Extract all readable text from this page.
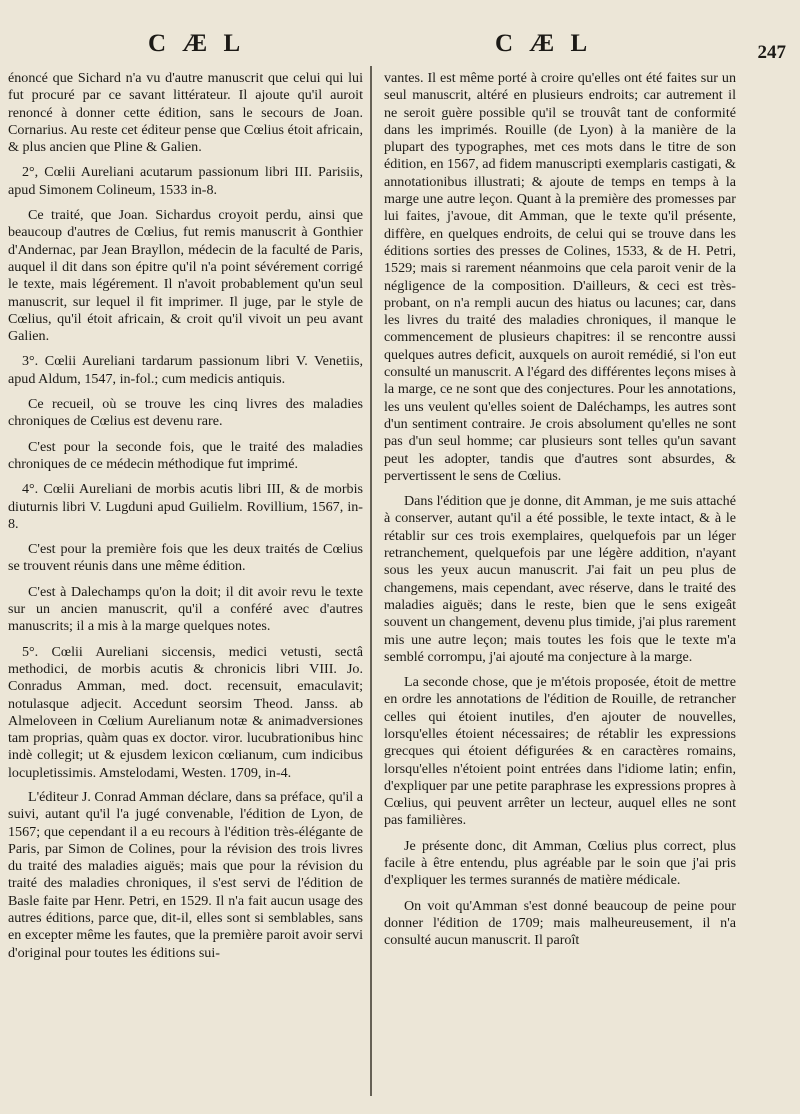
C Æ L	C Æ L	247

énoncé que Sichard n'a vu d'autre manuscrit que celui qui lui fut procuré par ce savant littérateur. Il ajoute qu'il auroit renoncé à donner cette édition, sans le secours de Joan. Cornarius. Au reste cet éditeur pense que Cœlius étoit africain, & plus ancien que Pline & Galien.

2°, Cœlii Aureliani acutarum passionum libri III. Parisiis, apud Simonem Colineum, 1533 in-8.

Ce traité, que Joan. Sichardus croyoit perdu, ainsi que beaucoup d'autres de Cœlius, fut remis manuscrit à Gonthier d'Andernac, par Jean Brayllon, médecin de la faculté de Paris, auquel il dit dans son épitre qu'il n'a point sévérement corrigé le texte, mais légérement. Il n'avoit probablement qu'un seul manuscrit, sur lequel il fit imprimer. Il juge, par le style de Cœlius, qu'il étoit africain, & croit qu'il vivoit un peu avant Galien.

3°. Cœlii Aureliani tardarum passionum libri V. Venetiis, apud Aldum, 1547, in-fol.; cum medicis antiquis.

Ce recueil, où se trouve les cinq livres des maladies chroniques de Cœlius est devenu rare.

C'est pour la seconde fois, que le traité des maladies chroniques de ce médecin méthodique fut imprimé.

4°. Cœlii Aureliani de morbis acutis libri III, & de morbis diuturnis libri V. Lugduni apud Guilielm. Rovillium, 1567, in-8.

C'est pour la première fois que les deux traités de Cœlius se trouvent réunis dans une même édition.

C'est à Dalechamps qu'on la doit; il dit avoir revu le texte sur un ancien manuscrit, qu'il a conféré avec d'autres manuscrits; il a mis à la marge quelques notes.

5°. Cœlii Aureliani siccensis, medici vetusti, sectâ methodici, de morbis acutis & chronicis libri VIII. Jo. Conradus Amman, med. doct. recensuit, emaculavit; notulasque adjecit. Accedunt seorsim Theod. Janss. ab Almeloveen in Cœlium Aurelianum notæ & animadversiones tam proprias, quàm quas ex doctor. viror. lucubrationibus hinc indè collegit; ut & ejusdem lexicon cœlianum, cum indicibus locupletissimis. Amstelodami, Westen. 1709, in-4.

L'éditeur J. Conrad Amman déclare, dans sa préface, qu'il a suivi, autant qu'il l'a jugé convenable, l'édition de Lyon, de 1567; que cependant il a eu recours à l'édition très-élégante de Paris, par Simon de Colines, pour la révision des trois livres du traité des maladies aiguës; mais que pour la révision du traité des maladies chroniques, il s'est servi de l'édition de Basle faite par Henr. Petri, en 1529. Il n'a fait aucun usage des autres éditions, parce que, dit-il, elles sont si semblables, sans en excepter même les fautes, que la première paroit avoir servi d'original pour toutes les éditions sui-

vantes. Il est même porté à croire qu'elles ont été faites sur un seul manuscrit, altéré en plusieurs endroits; car autrement il ne seroit guère possible qu'il se trouvât tant de conformité dans les imprimés. Rouille (de Lyon) à la manière de la plupart des typographes, met ces mots dans le titre de son édition, en 1567, ad fidem manuscripti exemplaris castigati, & annotationibus illustrati; & ajoute de temps en temps à la marge une autre leçon. Quant à la première des promesses par lui faites, j'avoue, dit Amman, que le texte qu'il présente, diffère, en quelques endroits, de celui qui se trouve dans les éditions sorties des presses de Colines, 1533, & de H. Petri, 1529; mais si rarement néanmoins que cela paroit venir de la négligence de la composition. D'ailleurs, & ceci est très-probant, on n'a rempli aucun des hiatus ou lacunes; car, dans les livres du traité des maladies chroniques, il manque le commencement de plusieurs chapitres: il se rencontre aussi quelques autres deficit, auxquels on auroit remédié, si l'on eut consulté un manuscrit. A l'égard des différentes leçons mises à la marge, ce ne sont que des conjectures. Pour les annotations, les uns veulent qu'elles soient de Daléchamps, les autres sont d'un sentiment contraire. Je crois absolument qu'elles ne sont pas d'un seul homme; car plusieurs sont telles qu'un savant peut les adopter, tandis que d'autres sont absurdes, & pervertissent le sens de Cœlius.

Dans l'édition que je donne, dit Amman, je me suis attaché à conserver, autant qu'il a été possible, le texte intact, & à le rétablir sur ces trois exemplaires, quelquefois par un léger retranchement, quelquefois par une légère addition, n'ayant sous les yeux aucun manuscrit. J'ai fait un peu plus de changemens, mais cependant, avec réserve, dans le traité des maladies aiguës; dans le reste, bien que le sens exigeât souvent un changement, devenu plus timide, j'ai plus rarement mis une autre leçon; mais toutes les fois que le texte m'a semblé corrompu, j'ai ajouté ma conjecture à la marge.

La seconde chose, que je m'étois proposée, étoit de mettre en ordre les annotations de l'édition de Rouille, de retrancher celles qui étoient inutiles, d'en ajouter de nouvelles, lorsqu'elles étoient nécessaires; de rétablir les expressions grecques qui étoient défigurées & en caractères romains, lorsqu'elles n'étoient point entrées dans l'idiome latin; enfin, d'expliquer par une petite paraphrase les expressions propres à Cœlius, qui peuvent arrêter un lecteur, auquel elles ne sont pas familières.

Je présente donc, dit Amman, Cœlius plus correct, plus facile à être entendu, plus agréable par le soin que j'ai pris d'expliquer les termes surannés de matière médicale.

On voit qu'Amman s'est donné beaucoup de peine pour donner l'édition de 1709; mais malheureusement, il n'a consulté aucun manuscrit. Il paroît
